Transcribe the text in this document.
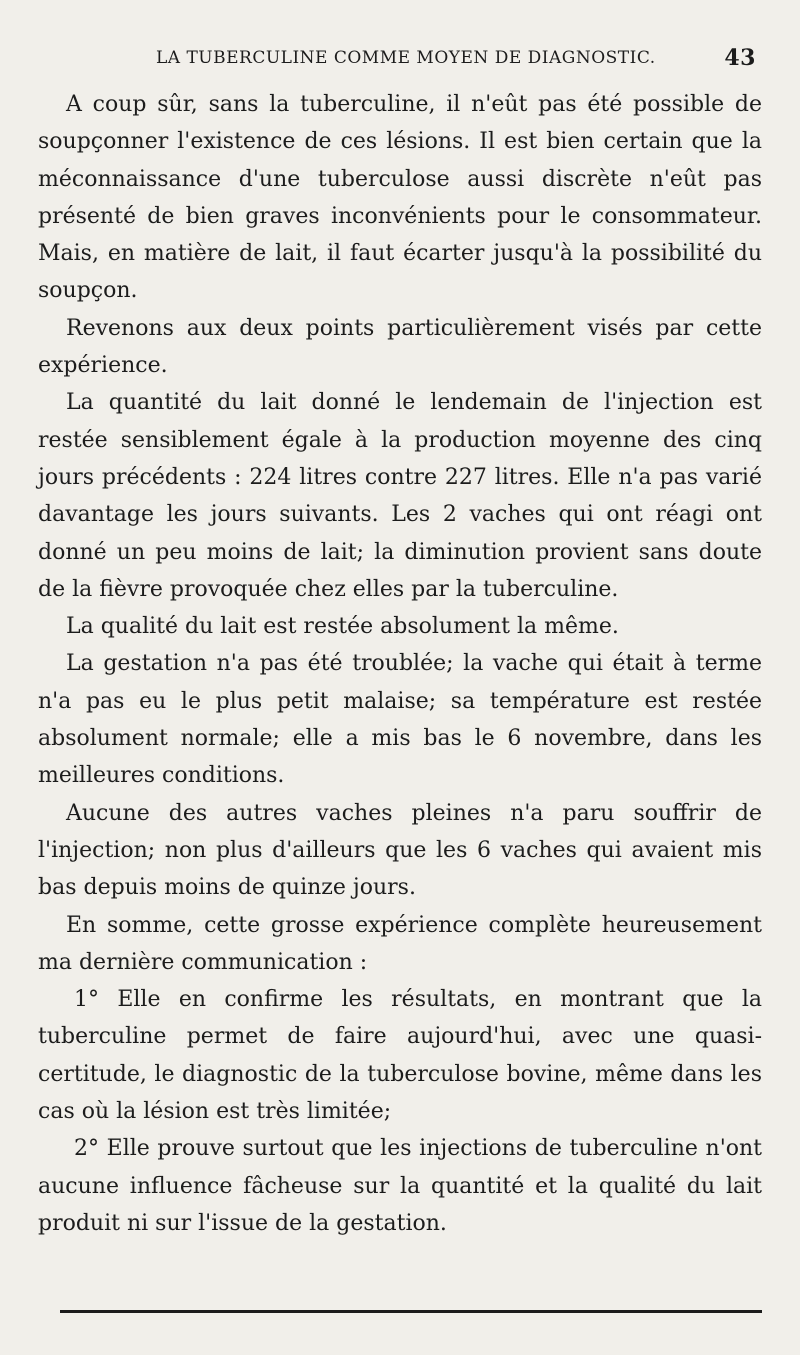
LA TUBERCULINE COMME MOYEN DE DIAGNOSTIC.	43

A coup sûr, sans la tuberculine, il n'eût pas été possible de soupçonner l'existence de ces lésions. Il est bien certain que la méconnaissance d'une tuberculose aussi discrète n'eût pas présenté de bien graves inconvénients pour le consommateur. Mais, en matière de lait, il faut écarter jusqu'à la possibilité du soupçon.

Revenons aux deux points particulièrement visés par cette expérience.

La quantité du lait donné le lendemain de l'injection est restée sensiblement égale à la production moyenne des cinq jours précédents : 224 litres contre 227 litres. Elle n'a pas varié davantage les jours suivants. Les 2 vaches qui ont réagi ont donné un peu moins de lait; la diminution provient sans doute de la fièvre provoquée chez elles par la tuberculine.

La qualité du lait est restée absolument la même.

La gestation n'a pas été troublée; la vache qui était à terme n'a pas eu le plus petit malaise; sa température est restée absolument normale; elle a mis bas le 6 novembre, dans les meilleures conditions.

Aucune des autres vaches pleines n'a paru souffrir de l'injection; non plus d'ailleurs que les 6 vaches qui avaient mis bas depuis moins de quinze jours.

En somme, cette grosse expérience complète heureusement ma dernière communication :

1° Elle en confirme les résultats, en montrant que la tuberculine permet de faire aujourd'hui, avec une quasi-certitude, le diagnostic de la tuberculose bovine, même dans les cas où la lésion est très limitée;

2° Elle prouve surtout que les injections de tuberculine n'ont aucune influence fâcheuse sur la quantité et la qualité du lait produit ni sur l'issue de la gestation.
